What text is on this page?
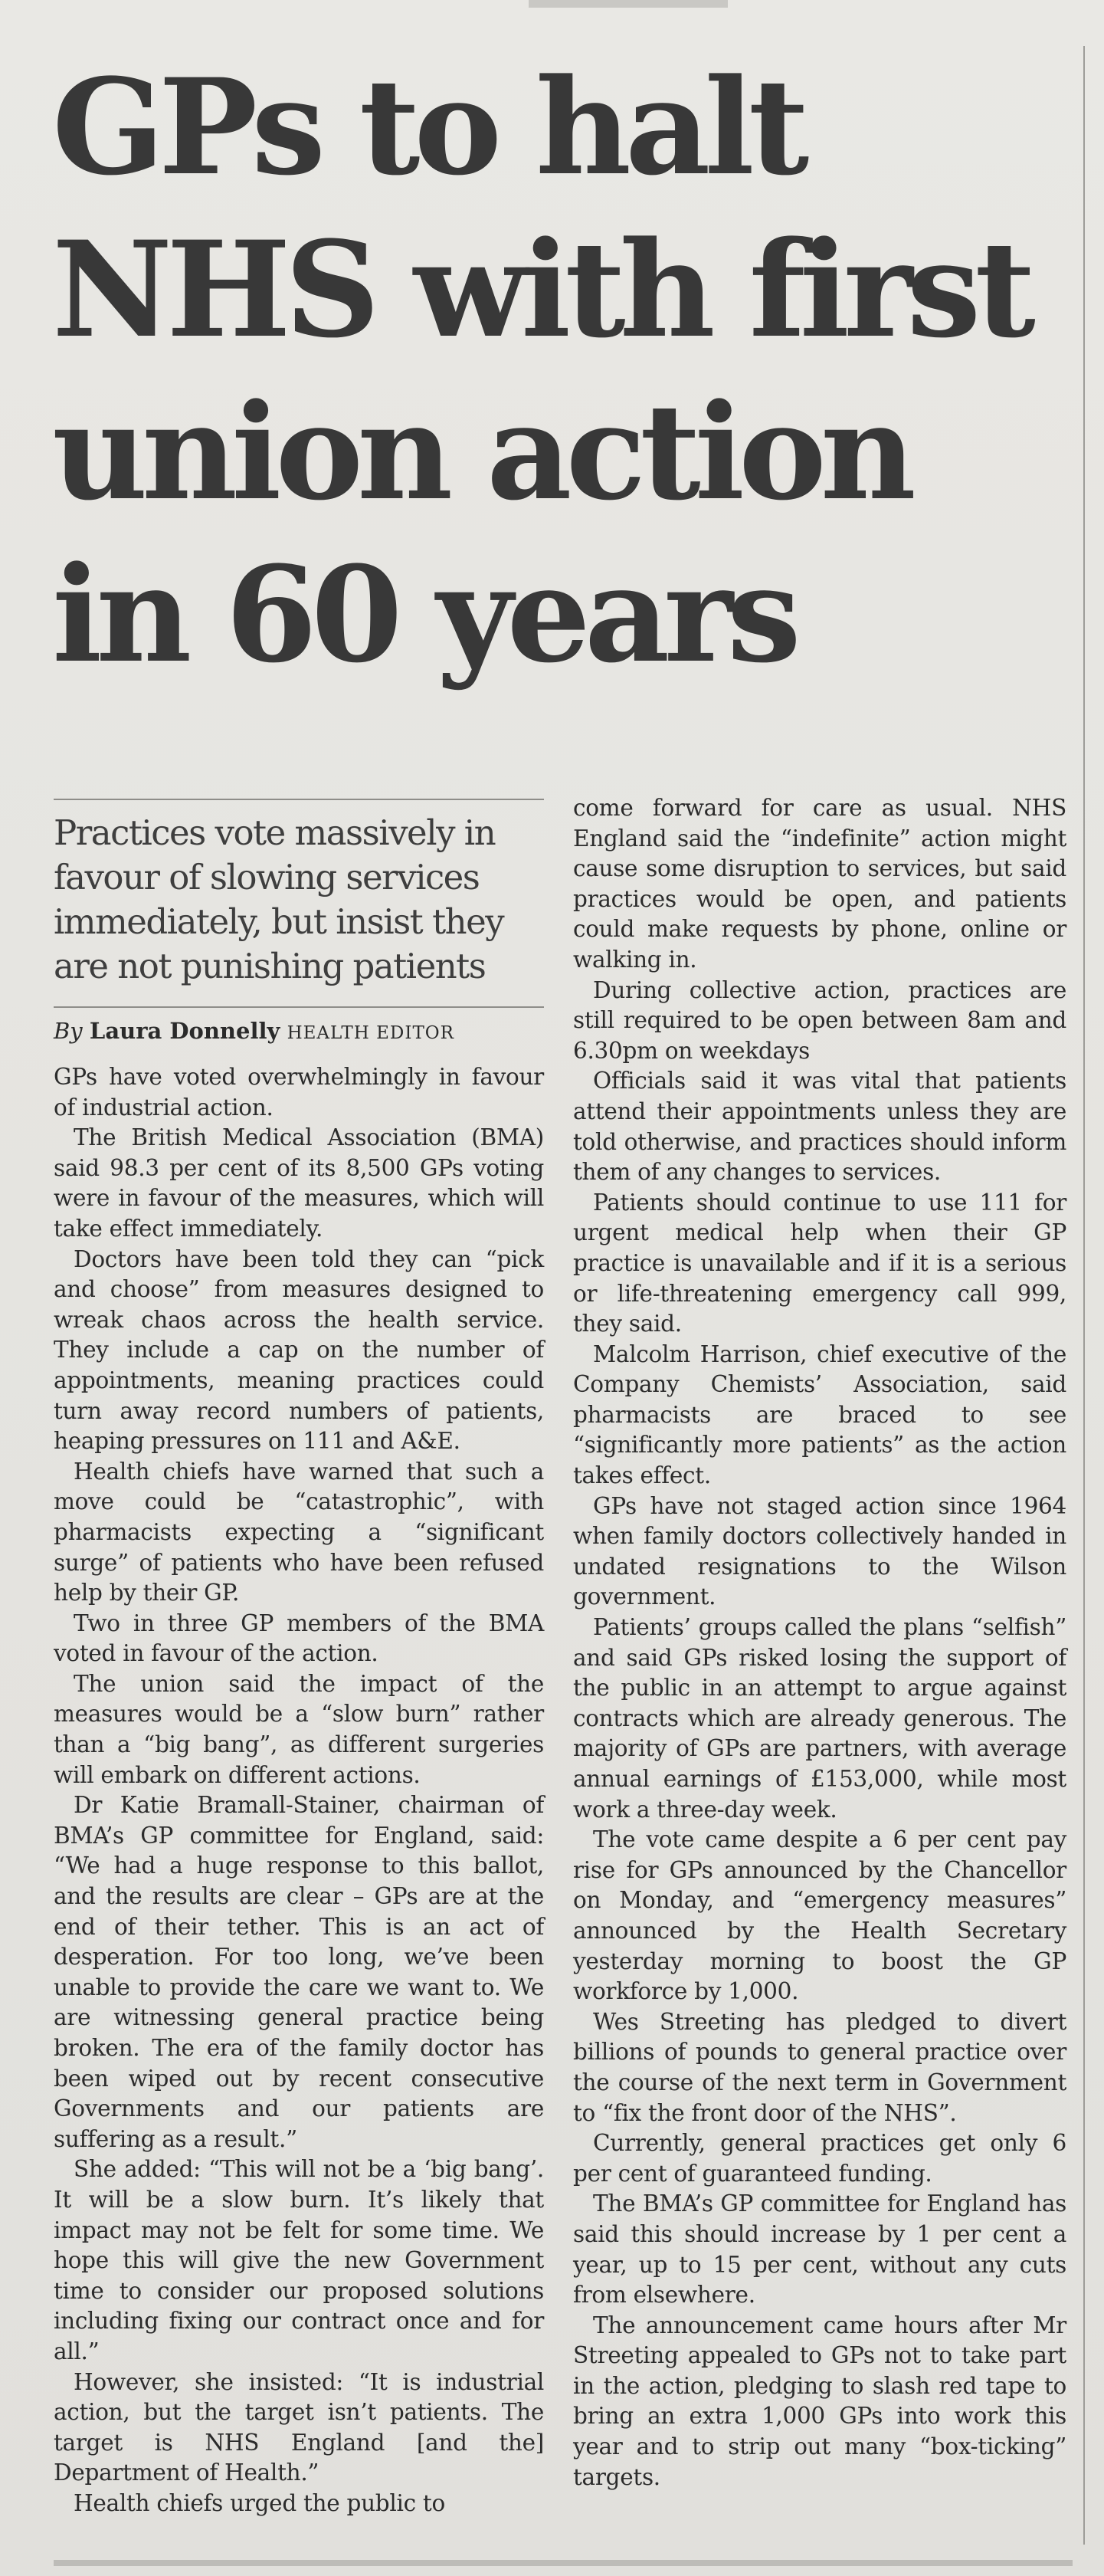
GPs to halt
NHS with first
union action
in 60 years

Practices vote massively in favour of slowing services immediately, but insist they are not punishing patients

By Laura Donnelly HEALTH EDITOR

GPs have voted overwhelmingly in favour of industrial action.

The British Medical Association (BMA) said 98.3 per cent of its 8,500 GPs voting were in favour of the measures, which will take effect immediately.

Doctors have been told they can “pick and choose” from measures designed to wreak chaos across the health service. They include a cap on the number of appointments, meaning practices could turn away record numbers of patients, heaping pressures on 111 and A&E.

Health chiefs have warned that such a move could be “catastrophic”, with pharmacists expecting a “significant surge” of patients who have been refused help by their GP.

Two in three GP members of the BMA voted in favour of the action.

The union said the impact of the measures would be a “slow burn” rather than a “big bang”, as different surgeries will embark on different actions.

Dr Katie Bramall-Stainer, chairman of BMA’s GP committee for England, said: “We had a huge response to this ballot, and the results are clear – GPs are at the end of their tether. This is an act of desperation. For too long, we’ve been unable to provide the care we want to. We are witnessing general practice being broken. The era of the family doctor has been wiped out by recent consecutive Governments and our patients are suffering as a result.”

She added: “This will not be a ‘big bang’. It will be a slow burn. It’s likely that impact may not be felt for some time. We hope this will give the new Government time to consider our proposed solutions including fixing our contract once and for all.”

However, she insisted: “It is industrial action, but the target isn’t patients. The target is NHS England [and the] Department of Health.”

Health chiefs urged the public to

come forward for care as usual. NHS England said the “indefinite” action might cause some disruption to services, but said practices would be open, and patients could make requests by phone, online or walking in.

During collective action, practices are still required to be open between 8am and 6.30pm on weekdays

Officials said it was vital that patients attend their appointments unless they are told otherwise, and practices should inform them of any changes to services.

Patients should continue to use 111 for urgent medical help when their GP practice is unavailable and if it is a serious or life-threatening emergency call 999, they said.

Malcolm Harrison, chief executive of the Company Chemists’ Association, said pharmacists are braced to see “significantly more patients” as the action takes effect.

GPs have not staged action since 1964 when family doctors collectively handed in undated resignations to the Wilson government.

Patients’ groups called the plans “selfish” and said GPs risked losing the support of the public in an attempt to argue against contracts which are already generous. The majority of GPs are partners, with average annual earnings of £153,000, while most work a three-day week.

The vote came despite a 6 per cent pay rise for GPs announced by the Chancellor on Monday, and “emergency measures” announced by the Health Secretary yesterday morning to boost the GP workforce by 1,000.

Wes Streeting has pledged to divert billions of pounds to general practice over the course of the next term in Government to “fix the front door of the NHS”.

Currently, general practices get only 6 per cent of guaranteed funding.

The BMA’s GP committee for England has said this should increase by 1 per cent a year, up to 15 per cent, without any cuts from elsewhere.

The announcement came hours after Mr Streeting appealed to GPs not to take part in the action, pledging to slash red tape to bring an extra 1,000 GPs into work this year and to strip out many “box-ticking” targets.
